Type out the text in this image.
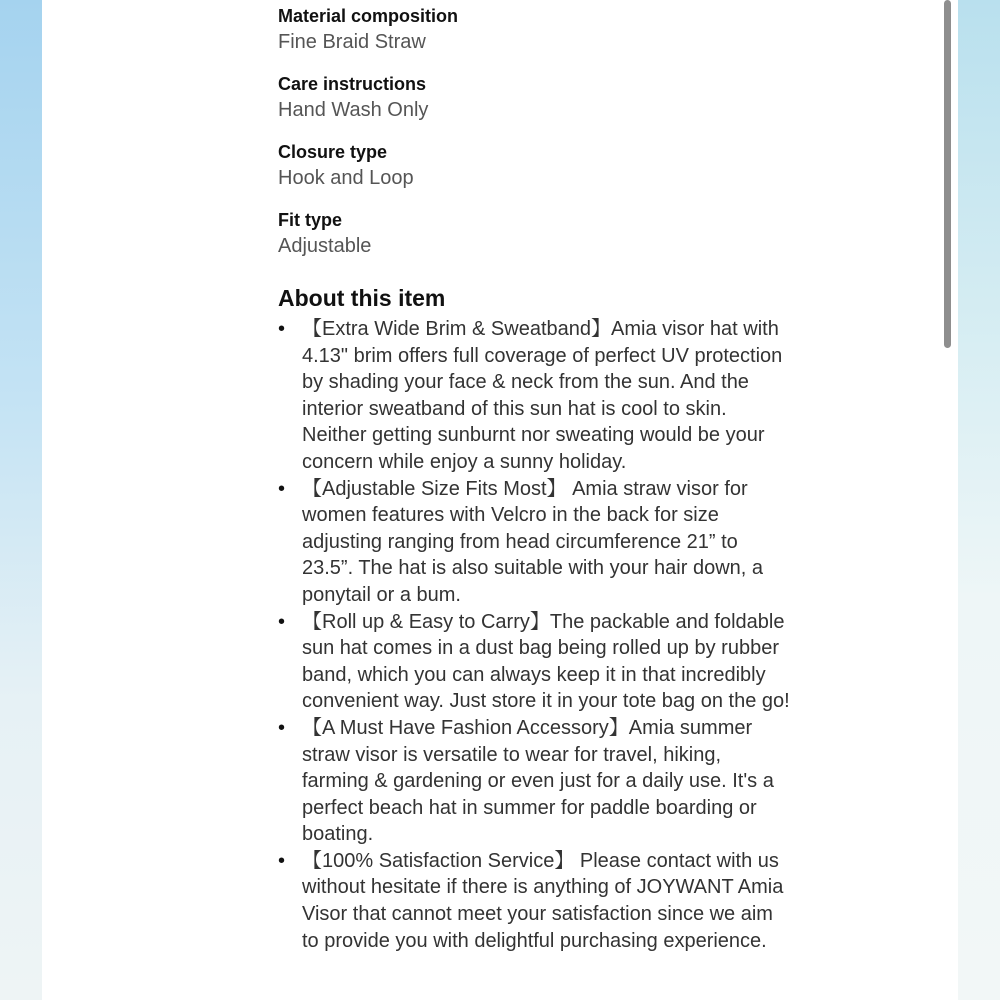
Material composition
Fine Braid Straw
Care instructions
Hand Wash Only
Closure type
Hook and Loop
Fit type
Adjustable
About this item
• 【Extra Wide Brim & Sweatband】Amia visor hat with 4.13" brim offers full coverage of perfect UV protection by shading your face & neck from the sun. And the interior sweatband of this sun hat is cool to skin. Neither getting sunburnt nor sweating would be your concern while enjoy a sunny holiday.
• 【Adjustable Size Fits Most】 Amia straw visor for women features with Velcro in the back for size adjusting ranging from head circumference 21” to 23.5”. The hat is also suitable with your hair down, a ponytail or a bum.
• 【Roll up & Easy to Carry】The packable and foldable sun hat comes in a dust bag being rolled up by rubber band, which you can always keep it in that incredibly convenient way. Just store it in your tote bag on the go!
• 【A Must Have Fashion Accessory】Amia summer straw visor is versatile to wear for travel, hiking, farming & gardening or even just for a daily use. It's a perfect beach hat in summer for paddle boarding or boating.
• 【100% Satisfaction Service】 Please contact with us without hesitate if there is anything of JOYWANT Amia Visor that cannot meet your satisfaction since we aim to provide you with delightful purchasing experience.
